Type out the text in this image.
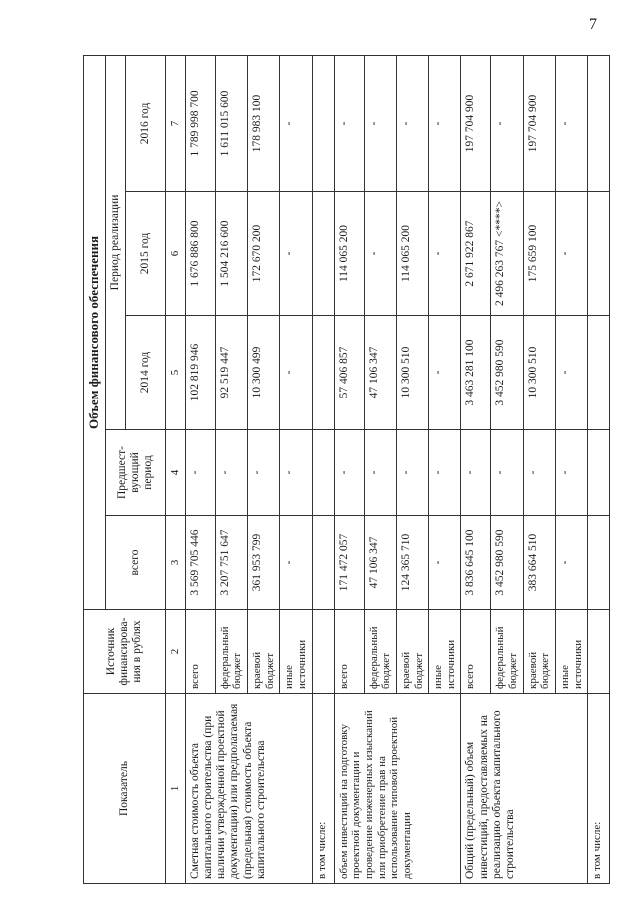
7
Показатель	Источник финансирова-ния в рублях	Объем финансового обеспечения				
		всего	Предшест-вующий период	Период реализации		
				2014 год	2015 год	2016 год
1	2	3	4	5	6	7
Сметная стоимость объекта капитального строительства (при наличии утвержденной проектной документации) или предполагаемая (предельная) стоимость объекта капитального строительства	всего	3 569 705 446	-	102 819 946	1 676 886 800	1 789 998 700
	федеральный бюджет	3 207 751 647	-	92 519 447	1 504 216 600	1 611 015 600
	краевой бюджет	361 953 799	-	10 300 499	172 670 200	178 983 100
	иные источники	-	-	-	-	-
в том числе:						
объем инвестиций на подготовку проектной документации и проведение инженерных изысканий или приобретение прав на использование типовой проектной документации	всего	171 472 057	-	57 406 857	114 065 200	-
	федеральный бюджет	47 106 347	-	47 106 347	-	-
	краевой бюджет	124 365 710	-	10 300 510	114 065 200	-
	иные источники	-	-	-	-	-
Общий (предельный) объем инвестиций, предоставляемых на реализацию объекта капитального строительства	всего	3 836 645 100	-	3 463 281 100	2 671 922 867	197 704 900
	федеральный бюджет	3 452 980 590	-	3 452 980 590	2 496 263 767 <****>	-
	краевой бюджет	383 664 510	-	10 300 510	175 659 100	197 704 900
	иные источники	-	-	-	-	-
в том числе:						
